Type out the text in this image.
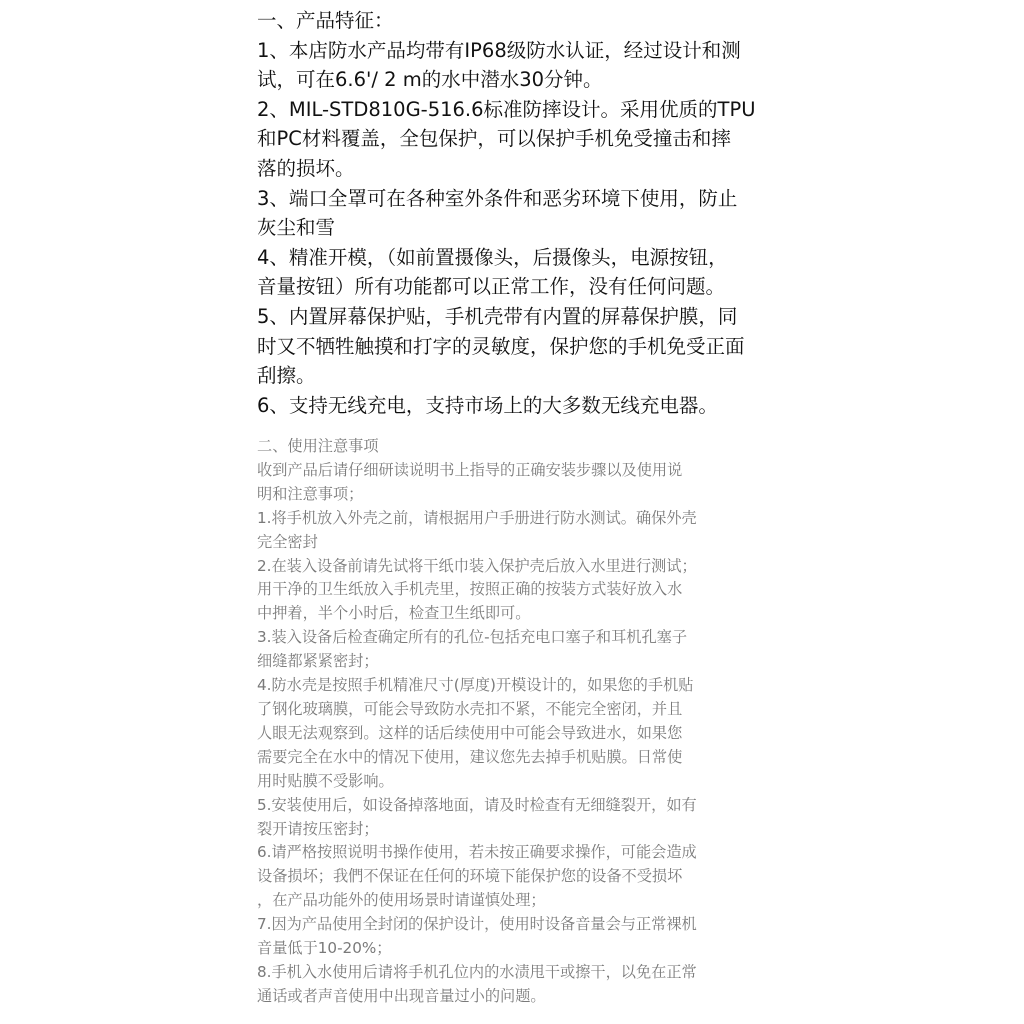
一、产品特征：
1、本店防水产品均带有IP68级防水认证，经过设计和测
试，可在6.6'/ 2 m的水中潜水30分钟。
2、MIL-STD810G-516.6标准防摔设计。采用优质的TPU
和PC材料覆盖，全包保护，可以保护手机免受撞击和摔
落的损坏。
3、端口全罩可在各种室外条件和恶劣环境下使用，防止
灰尘和雪
4、精准开模，（如前置摄像头，后摄像头，电源按钮，
音量按钮）所有功能都可以正常工作，没有任何问题。
5、内置屏幕保护贴，手机壳带有内置的屏幕保护膜，同
时又不牺牲触摸和打字的灵敏度，保护您的手机免受正面
刮擦。
6、支持无线充电，支持市场上的大多数无线充电器。
二、使用注意事项
收到产品后请仔细研读说明书上指导的正确安装步骤以及使用说
明和注意事项；
1.将手机放入外壳之前，请根据用户手册进行防水测试。确保外壳
完全密封
2.在装入设备前请先试将干纸巾装入保护壳后放入水里进行测试；
用干净的卫生纸放入手机壳里，按照正确的按装方式装好放入水
中押着，半个小时后，检查卫生纸即可。
3.装入设备后检查确定所有的孔位-包括充电口塞子和耳机孔塞子
细缝都紧紧密封；
4.防水壳是按照手机精准尺寸(厚度)开模设计的，如果您的手机贴
了钢化玻璃膜，可能会导致防水壳扣不紧，不能完全密闭，并且
人眼无法观察到。这样的话后续使用中可能会导致进水，如果您
需要完全在水中的情况下使用，建议您先去掉手机贴膜。日常使
用时贴膜不受影响。
5.安装使用后，如设备掉落地面，请及时检查有无细缝裂开，如有
裂开请按压密封；
6.请严格按照说明书操作使用，若未按正确要求操作，可能会造成
设备损坏；我們不保证在任何的环境下能保护您的设备不受损坏
，在产品功能外的使用场景时请谨慎处理；
7.因为产品使用全封闭的保护设计，使用时设备音量会与正常裸机
音量低于10-20%；
8.手机入水使用后请将手机孔位内的水渍甩干或擦干，以免在正常
通话或者声音使用中出现音量过小的问题。
